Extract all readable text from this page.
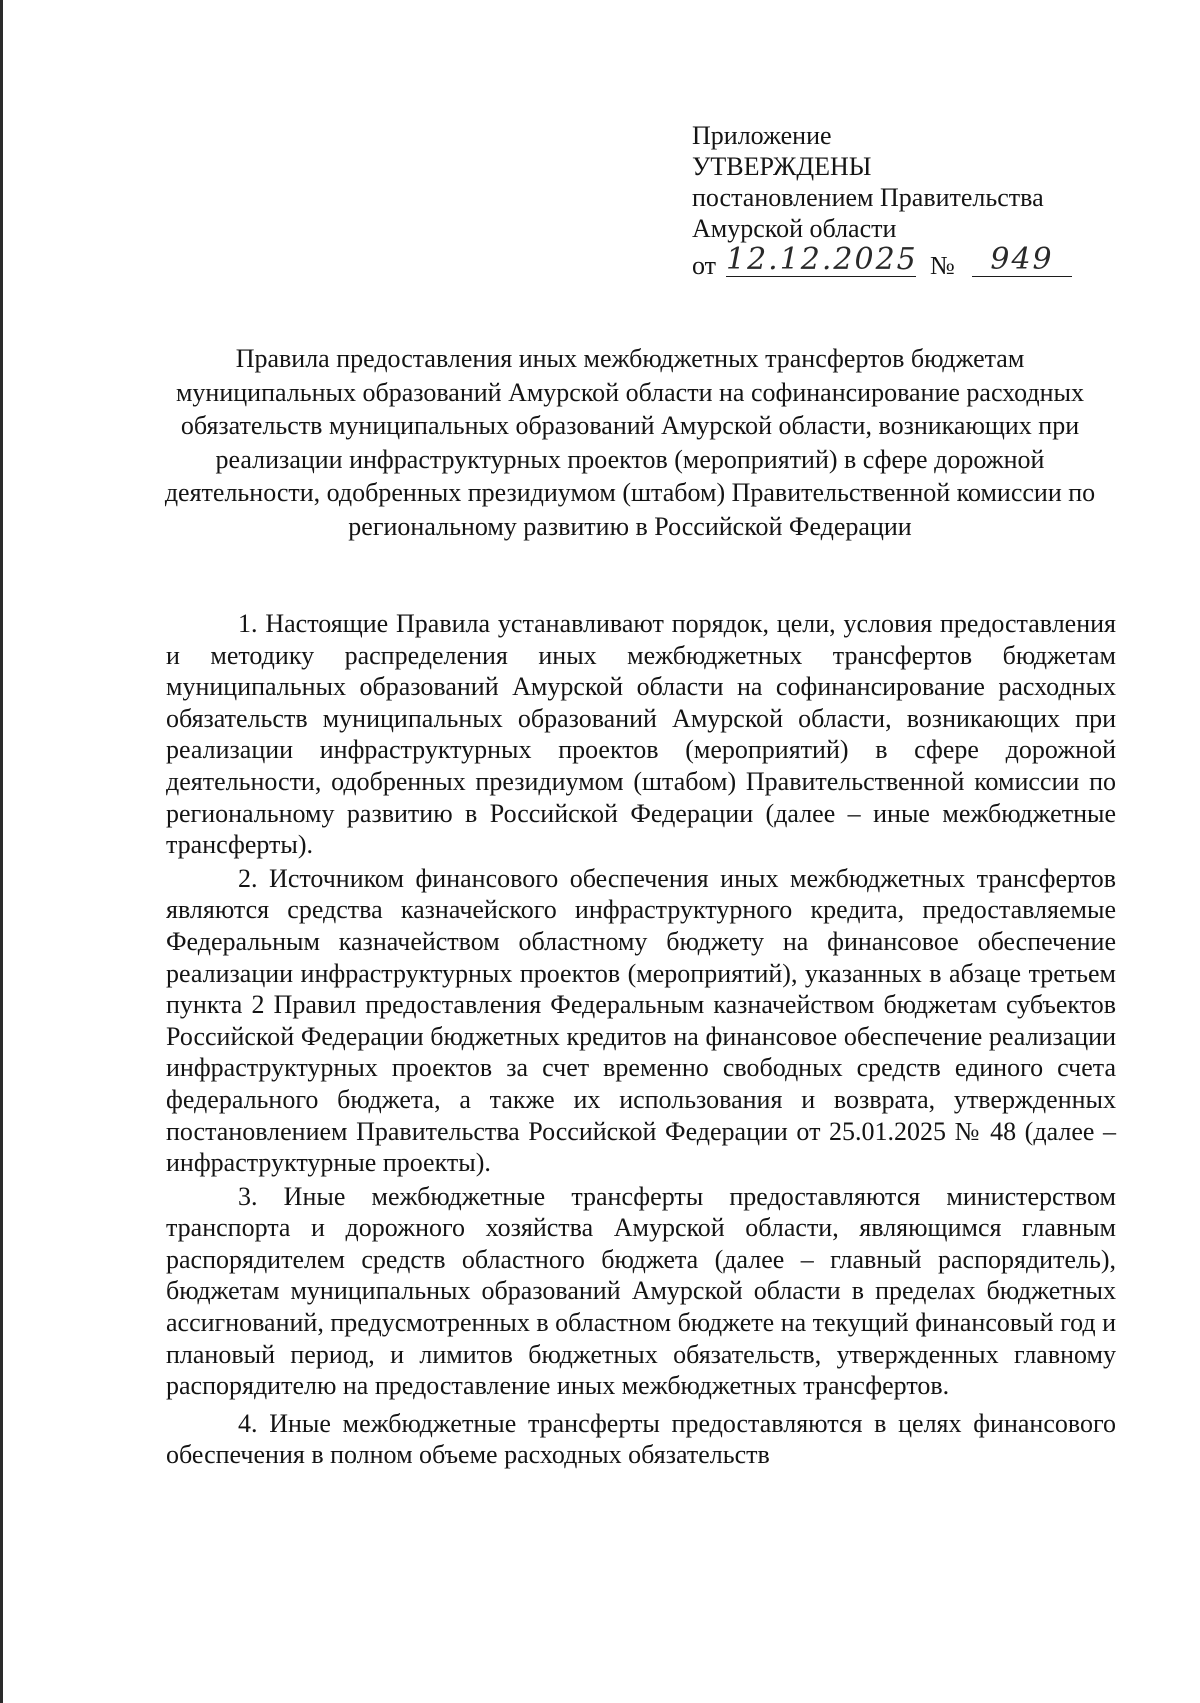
Приложение
УТВЕРЖДЕНЫ
постановлением Правительства
Амурской области
от 12.12.2025 №	949
Правила предоставления иных межбюджетных трансфертов бюджетам муниципальных образований Амурской области на софинансирование расходных обязательств муниципальных образований Амурской области, возникающих при реализации инфраструктурных проектов (мероприятий) в сфере дорожной деятельности, одобренных президиумом (штабом) Правительственной комиссии по региональному развитию в Российской Федерации

1. Настоящие Правила устанавливают порядок, цели, условия предоставления и методику распределения иных межбюджетных трансфертов бюджетам муниципальных образований Амурской области на софинансирование расходных обязательств муниципальных образований Амурской области, возникающих при реализации инфраструктурных проектов (мероприятий) в сфере дорожной деятельности, одобренных президиумом (штабом) Правительственной комиссии по региональному развитию в Российской Федерации (далее – иные межбюджетные трансферты).

2. Источником финансового обеспечения иных межбюджетных трансфертов являются средства казначейского инфраструктурного кредита, предоставляемые Федеральным казначейством областному бюджету на финансовое обеспечение реализации инфраструктурных проектов (мероприятий), указанных в абзаце третьем пункта 2 Правил предоставления Федеральным казначейством бюджетам субъектов Российской Федерации бюджетных кредитов на финансовое обеспечение реализации инфраструктурных проектов за счет временно свободных средств единого счета федерального бюджета, а также их использования и возврата, утвержденных постановлением Правительства Российской Федерации от 25.01.2025 № 48 (далее – инфраструктурные проекты).

3. Иные межбюджетные трансферты предоставляются министерством транспорта и дорожного хозяйства Амурской области, являющимся главным распорядителем средств областного бюджета (далее – главный распорядитель), бюджетам муниципальных образований Амурской области в пределах бюджетных ассигнований, предусмотренных в областном бюджете на текущий финансовый год и плановый период, и лимитов бюджетных обязательств, утвержденных главному распорядителю на предоставление иных межбюджетных трансфертов.

4. Иные межбюджетные трансферты предоставляются в целях финансового обеспечения в полном объеме расходных обязательств
